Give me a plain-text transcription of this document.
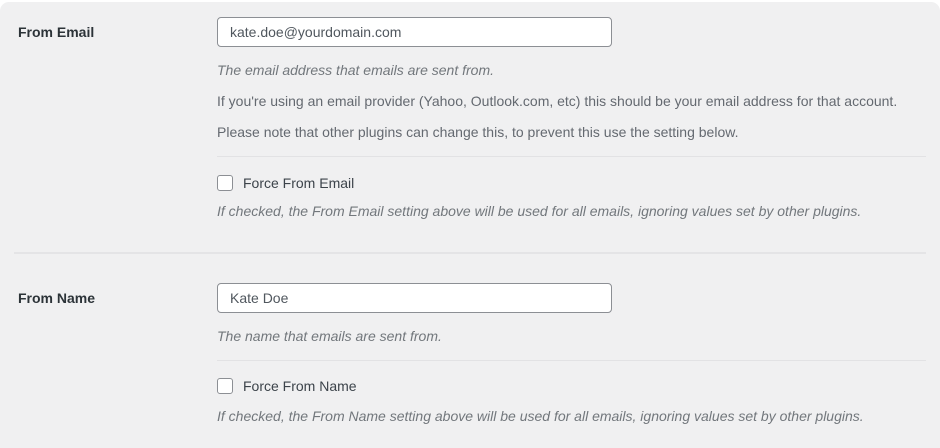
From Email
kate.doe@yourdomain.com

The email address that emails are sent from.

If you're using an email provider (Yahoo, Outlook.com, etc) this should be your email address for that account.

Please note that other plugins can change this, to prevent this use the setting below.

Force From Email

If checked, the From Email setting above will be used for all emails, ignoring values set by other plugins.

From Name
Kate Doe

The name that emails are sent from.

Force From Name

If checked, the From Name setting above will be used for all emails, ignoring values set by other plugins.
